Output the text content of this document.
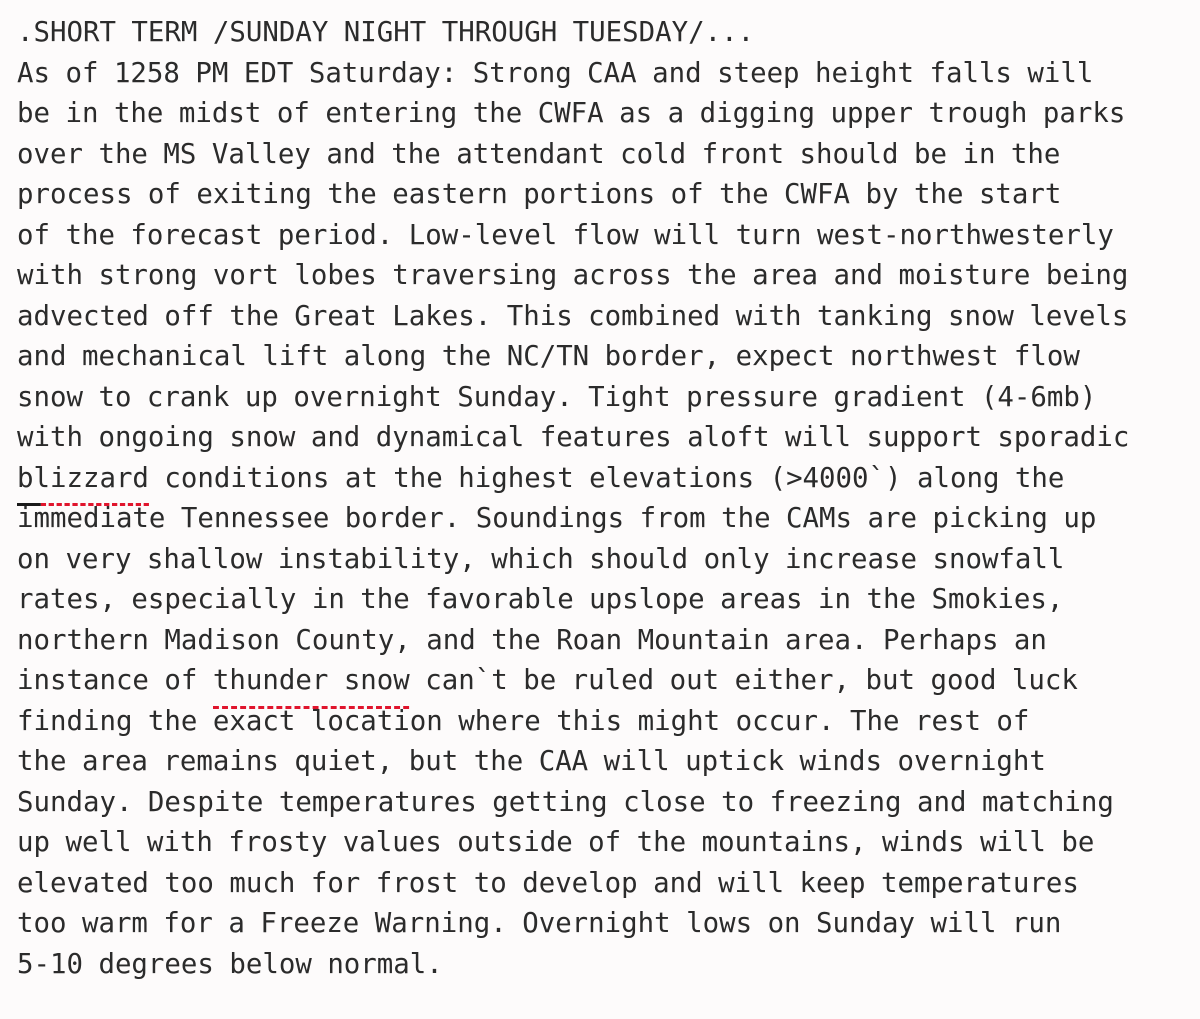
.SHORT TERM /SUNDAY NIGHT THROUGH TUESDAY/...
As of 1258 PM EDT Saturday: Strong CAA and steep height falls will
be in the midst of entering the CWFA as a digging upper trough parks
over the MS Valley and the attendant cold front should be in the
process of exiting the eastern portions of the CWFA by the start
of the forecast period. Low-level flow will turn west-northwesterly
with strong vort lobes traversing across the area and moisture being
advected off the Great Lakes. This combined with tanking snow levels
and mechanical lift along the NC/TN border, expect northwest flow
snow to crank up overnight Sunday. Tight pressure gradient (4-6mb)
with ongoing snow and dynamical features aloft will support sporadic
blizzard
conditions at the highest elevations (>4000`) along the
immediate Tennessee border. Soundings from the CAMs are picking up
on very shallow instability, which should only increase snowfall
rates, especially in the favorable upslope areas in the Smokies,
northern Madison County, and the Roan Mountain area. Perhaps an
instance of thunder snow
can`t be ruled out either, but good luck
finding the exact location where this might occur. The rest of
the area remains quiet, but the CAA will uptick winds overnight
Sunday. Despite temperatures getting close to freezing and matching
up well with frosty values outside of the mountains, winds will be
elevated too much for frost to develop and will keep temperatures
too warm for a Freeze Warning. Overnight lows on Sunday will run
5-10 degrees below normal.
